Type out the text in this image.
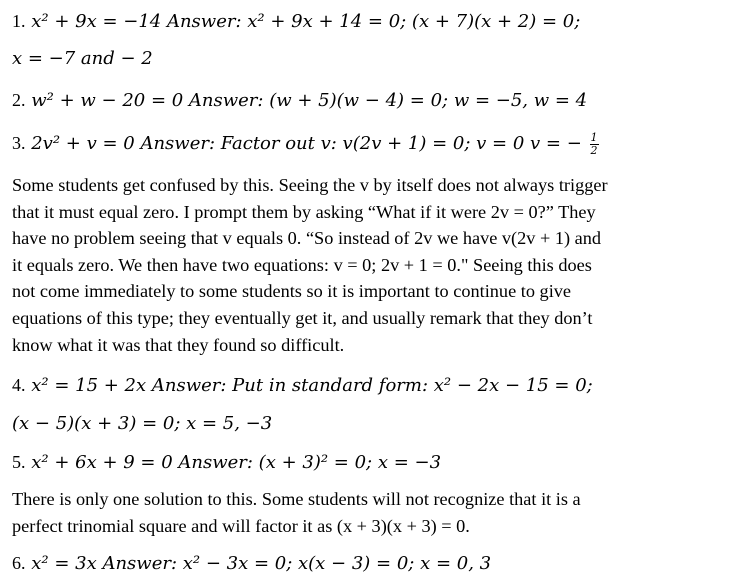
1. x² + 9x = −14 Answer: x² + 9x + 14 = 0; (x + 7)(x + 2) = 0;
x = −7 and − 2
2. w² + w − 20 = 0 Answer: (w + 5)(w − 4) = 0; w = −5, w = 4
3. 2v² + v = 0 Answer: Factor out v: v(2v + 1) = 0; v = 0 v = − $\frac{1}{2}$
Some students get confused by this. Seeing the v by itself does not always trigger
that it must equal zero. I prompt them by asking “What if it were 2v = 0?” They
have no problem seeing that v equals 0. “So instead of 2v we have v(2v + 1) and
it equals zero. We then have two equations: v = 0; 2v + 1 = 0." Seeing this does
not come immediately to some students so it is important to continue to give
equations of this type; they eventually get it, and usually remark that they don’t
know what it was that they found so difficult.
4. x² = 15 + 2x Answer: Put in standard form: x² − 2x − 15 = 0;
(x − 5)(x + 3) = 0; x = 5, −3
5. x² + 6x + 9 = 0 Answer: (x + 3)² = 0; x = −3
There is only one solution to this. Some students will not recognize that it is a
perfect trinomial square and will factor it as (x + 3)(x + 3) = 0.
6. x² = 3x Answer: x² − 3x = 0; x(x − 3) = 0; x = 0, 3
